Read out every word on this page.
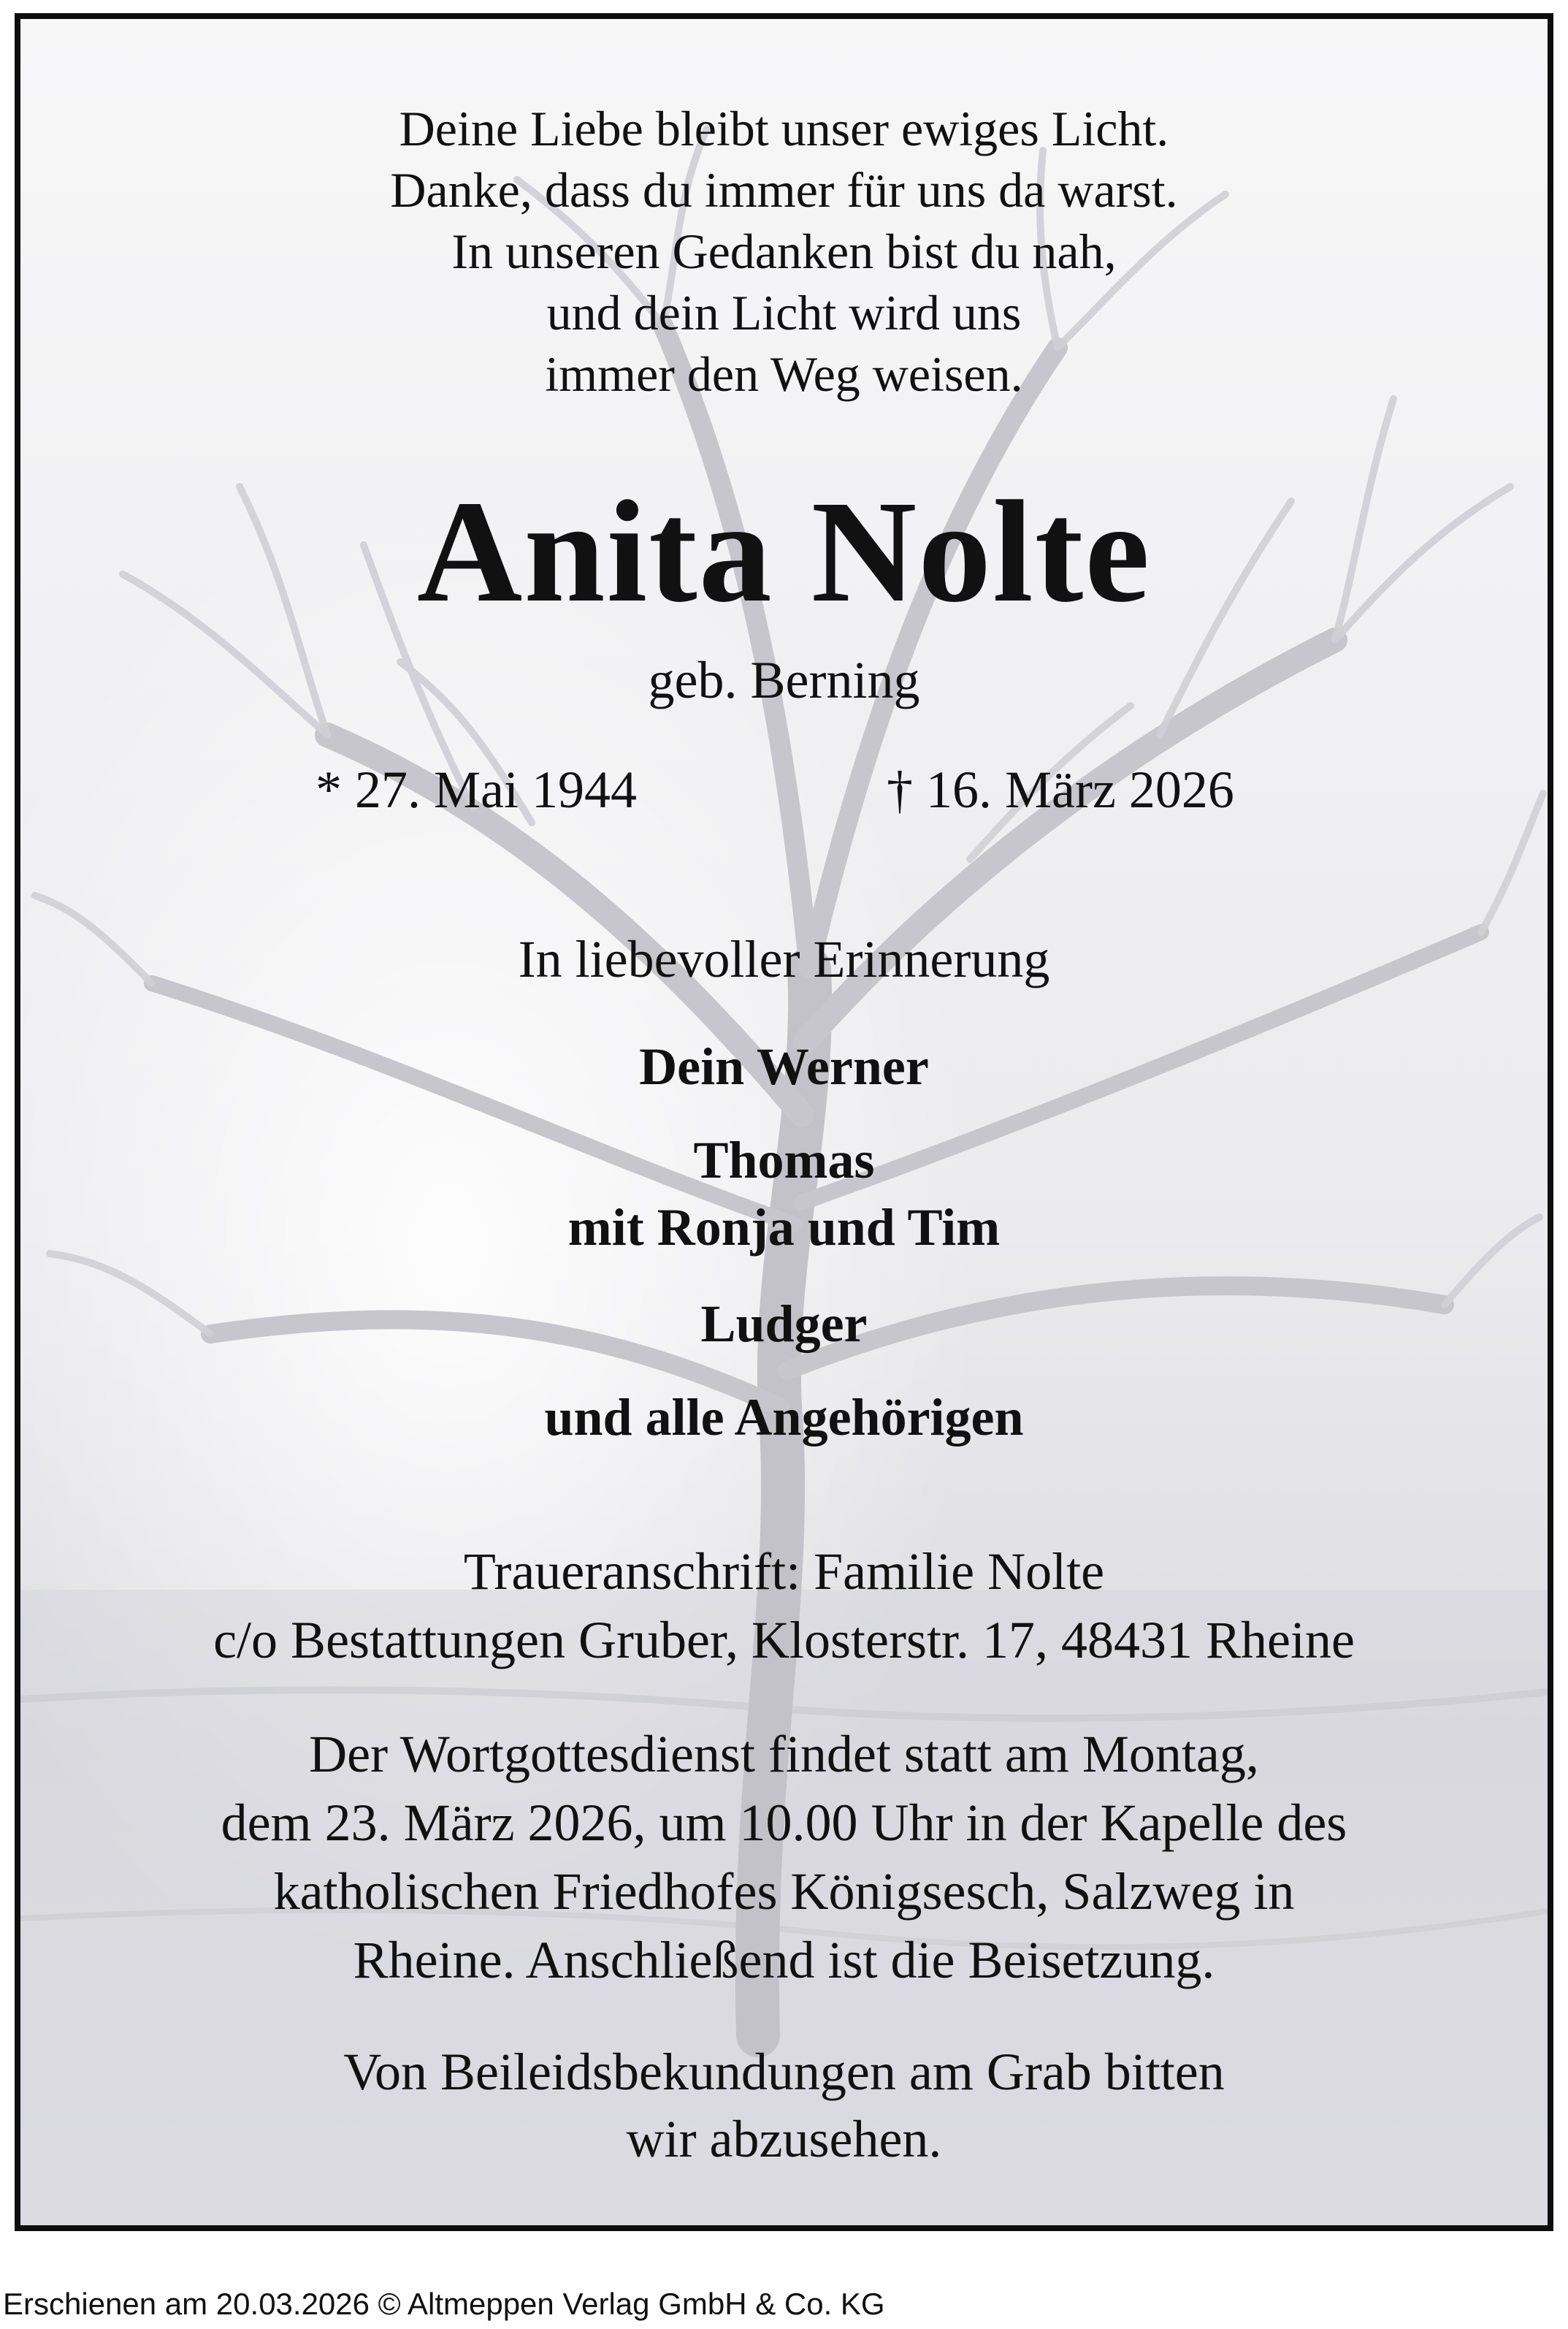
Deine Liebe bleibt unser ewiges Licht.
Danke, dass du immer für uns da warst.
In unseren Gedanken bist du nah,
und dein Licht wird uns
immer den Weg weisen.
Anita Nolte
geb. Berning
* 27. Mai 1944	† 16. März 2026
In liebevoller Erinnerung
Dein Werner
Thomas
mit Ronja und Tim
Ludger
und alle Angehörigen
Traueranschrift: Familie Nolte
c/o Bestattungen Gruber, Klosterstr. 17, 48431 Rheine
Der Wortgottesdienst findet statt am Montag,
dem 23. März 2026, um 10.00 Uhr in der Kapelle des
katholischen Friedhofes Königsesch, Salzweg in
Rheine. Anschließend ist die Beisetzung.
Von Beileidsbekundungen am Grab bitten
wir abzusehen.
Erschienen am 20.03.2026 © Altmeppen Verlag GmbH & Co. KG
